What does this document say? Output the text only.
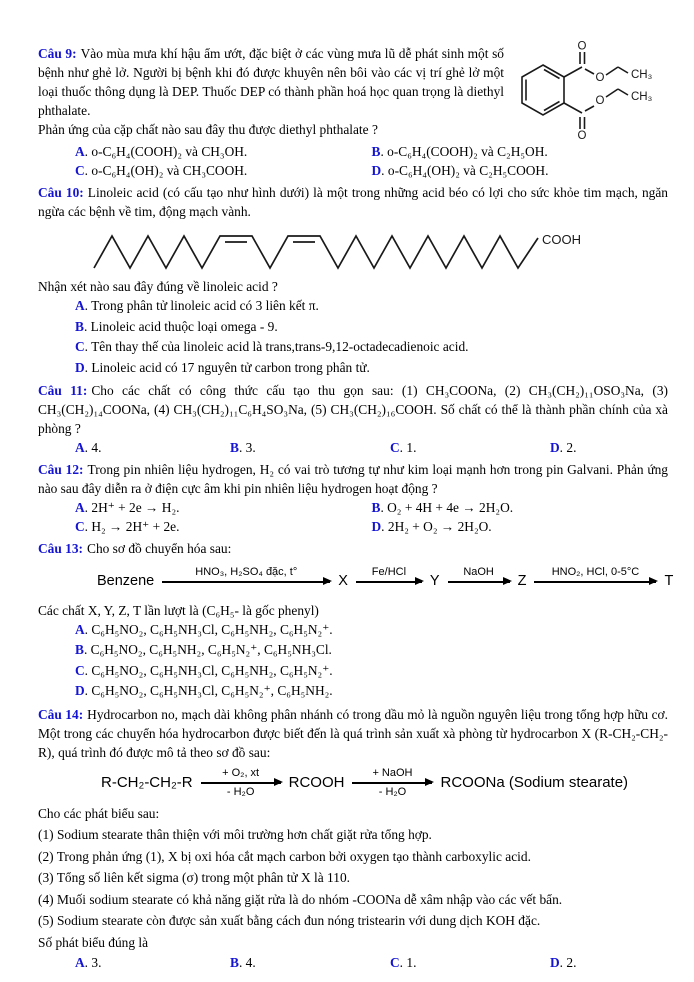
O
O CH₃
O CH₃
O

Câu 9: Vào mùa mưa khí hậu ẩm ướt, đặc biệt ở các vùng mưa lũ dễ phát sinh một số bệnh như ghẻ lở. Người bị bệnh khi đó được khuyên nên bôi vào các vị trí ghẻ lở một loại thuốc thông dụng là DEP. Thuốc DEP có thành phần hoá học quan trọng là diethyl phthalate.

Phản ứng của cặp chất nào sau đây thu được diethyl phthalate ?

A. o-C₆H₄(COOH)₂ và CH₃OH.	B. o-C₆H₄(COOH)₂ và C₂H₅OH.
C. o-C₆H₄(OH)₂ và CH₃COOH.	D. o-C₆H₄(OH)₂ và C₂H₅COOH.

Câu 10: Linoleic acid (có cấu tạo như hình dưới) là một trong những acid béo có lợi cho sức khỏe tim mạch, ngăn ngừa các bệnh về tim, động mạch vành.

COOH

Nhận xét nào sau đây đúng về linoleic acid ?

A. Trong phân tử linoleic acid có 3 liên kết π.
B. Linoleic acid thuộc loại omega - 9.
C. Tên thay thế của linoleic acid là trans,trans-9,12-octadecadienoic acid.
D. Linoleic acid có 17 nguyên tử carbon trong phân tử.

Câu 11: Cho các chất có công thức cấu tạo thu gọn sau: (1) CH₃COONa, (2) CH₃(CH₂)₁₁OSO₃Na, (3) CH₃(CH₂)₁₄COONa, (4) CH₃(CH₂)₁₁C₆H₄SO₃Na, (5) CH₃(CH₂)₁₆COOH. Số chất có thể là thành phần chính của xà phòng ?

A. 4.	B. 3.	C. 1.	D. 2.

Câu 12: Trong pin nhiên liệu hydrogen, H₂ có vai trò tương tự như kim loại mạnh hơn trong pin Galvani. Phản ứng nào sau đây diễn ra ở điện cực âm khi pin nhiên liệu hydrogen hoạt động ?

A. 2H⁺ + 2e → H₂.	B. O₂ + 4H + 4e → 2H₂O.
C. H₂ → 2H⁺ + 2e.	D. 2H₂ + O₂ → 2H₂O.

Câu 13: Cho sơ đồ chuyển hóa sau:

Benzene
HNO₃, H₂SO₄ đặc, t°
X
Fe/HCl
Y
NaOH
Z
HNO₂, HCl, 0-5°C
T

Các chất X, Y, Z, T lần lượt là (C₆H₅- là gốc phenyl)

A. C₆H₅NO₂, C₆H₅NH₃Cl, C₆H₅NH₂, C₆H₅N₂⁺.
B. C₆H₅NO₂, C₆H₅NH₂, C₆H₅N₂⁺, C₆H₅NH₃Cl.
C. C₆H₅NO₂, C₆H₅NH₃Cl, C₆H₅NH₂, C₆H₅N₂⁺.
D. C₆H₅NO₂, C₆H₅NH₃Cl, C₆H₅N₂⁺, C₆H₅NH₂.

Câu 14: Hydrocarbon no, mạch dài không phân nhánh có trong dầu mỏ là nguồn nguyên liệu trong tổng hợp hữu cơ. Một trong các chuyển hóa hydrocarbon được biết đến là quá trình sản xuất xà phòng từ hydrocarbon X (R-CH₂-CH₂-R), quá trình đó được mô tả theo sơ đồ sau:

R-CH₂-CH₂-R
+ O₂, xt
- H₂O
RCOOH
+ NaOH
- H₂O
RCOONa (Sodium stearate)

Cho các phát biểu sau:

(1) Sodium stearate thân thiện với môi trường hơn chất giặt rửa tổng hợp.

(2) Trong phản ứng (1), X bị oxi hóa cắt mạch carbon bởi oxygen tạo thành carboxylic acid.

(3) Tổng số liên kết sigma (σ) trong một phân tử X là 110.

(4) Muối sodium stearate có khả năng giặt rửa là do nhóm -COONa dễ xâm nhập vào các vết bẩn.

(5) Sodium stearate còn được sản xuất bằng cách đun nóng tristearin với dung dịch KOH đặc.

Số phát biểu đúng là

A. 3.	B. 4.	C. 1.	D. 2.
